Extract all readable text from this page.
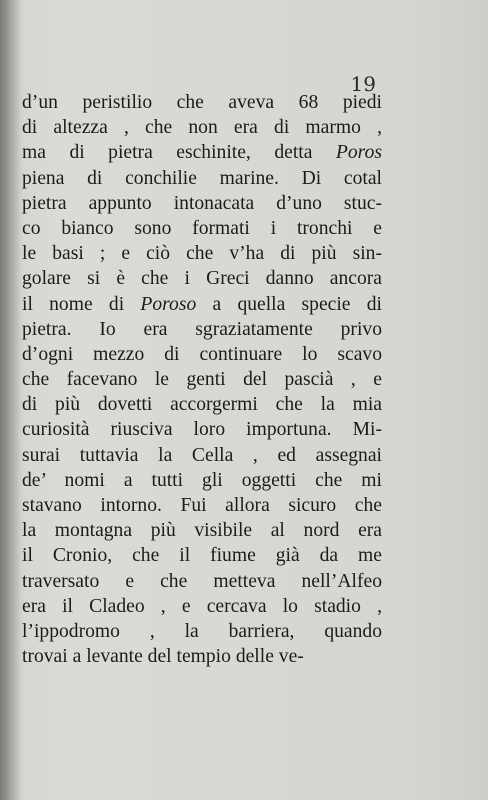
19
d’un peristilio che aveva 68 piedi
di altezza , che non era di marmo ,
ma di pietra eschinite, detta Poros
piena di conchilie marine. Di cotal
pietra appunto intonacata d’uno stuc-
co bianco sono formati i tronchi e
le basi ; e ciò che v’ha di più sin-
golare si è che i Greci danno ancora
il nome di Poroso a quella specie di
pietra. Io era sgraziatamente privo
d’ogni mezzo di continuare lo scavo
che facevano le genti del pascià , e
di più dovetti accorgermi che la mia
curiosità riusciva loro importuna. Mi-
surai tuttavia la Cella , ed assegnai
de’ nomi a tutti gli oggetti che mi
stavano intorno. Fui allora sicuro che
la montagna più visibile al nord era
il Cronio, che il fiume già da me
traversato e che metteva nell’Alfeo
era il Cladeo , e cercava lo stadio ,
l’ippodromo , la barriera, quando
trovai a levante del tempio delle ve-
